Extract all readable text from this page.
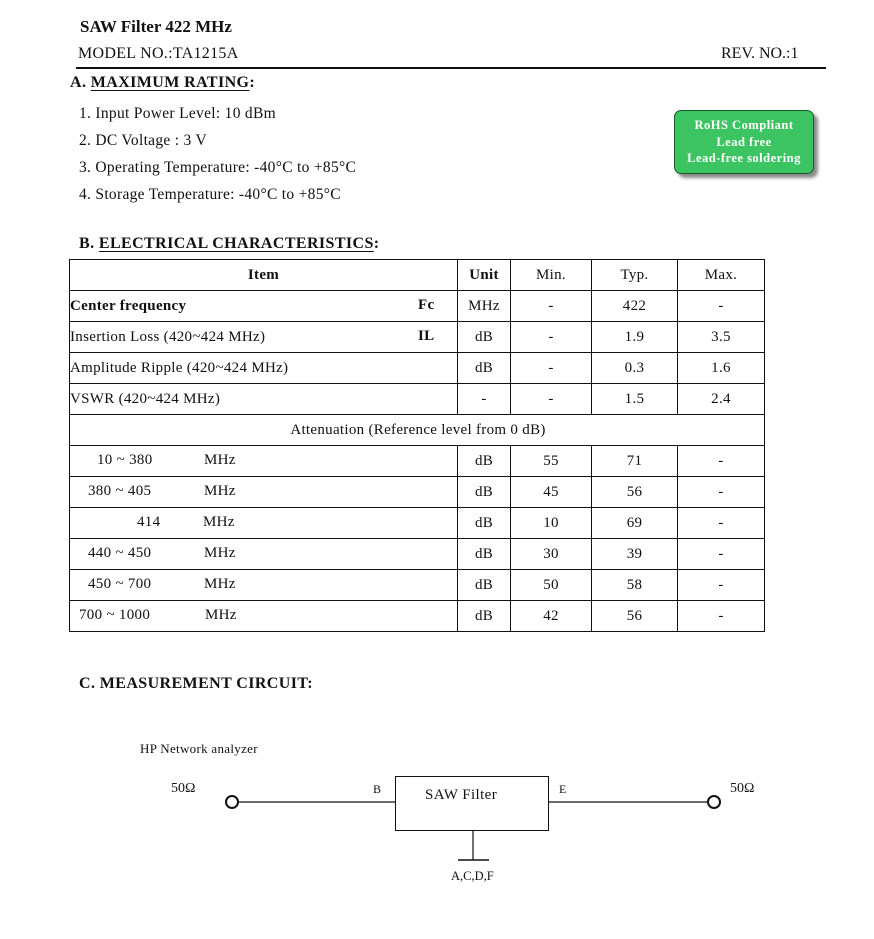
SAW Filter 422 MHz
MODEL NO.:TA1215A	REV. NO.:1
A. MAXIMUM RATING:
1. Input Power Level: 10 dBm
2. DC Voltage : 3 V
3. Operating Temperature: -40°C to +85°C
4. Storage Temperature: -40°C to +85°C
RoHS Compliant
Lead free
Lead-free soldering
B. ELECTRICAL CHARACTERISTICS:
Item	Unit	Min.	Typ.	Max.
Center frequency Fc	MHz	-	422	-
Insertion Loss (420~424 MHz) IL	dB	-	1.9	3.5
Amplitude Ripple (420~424 MHz)	dB	-	0.3	1.6
VSWR (420~424 MHz)	-	-	1.5	2.4
Attenuation (Reference level from 0 dB)				

10 ~ 380 MHz	dB	55	71	-

380 ~ 405 MHz	dB	45	56	-

414 MHz	dB	10	69	-

440 ~ 450 MHz	dB	30	39	-

450 ~ 700 MHz	dB	50	58	-

700 ~ 1000 MHz	dB	42	56	-
C. MEASUREMENT CIRCUIT:
HP Network analyzer
SAW Filter
50Ω	50Ω
B	E
A,C,D,F
